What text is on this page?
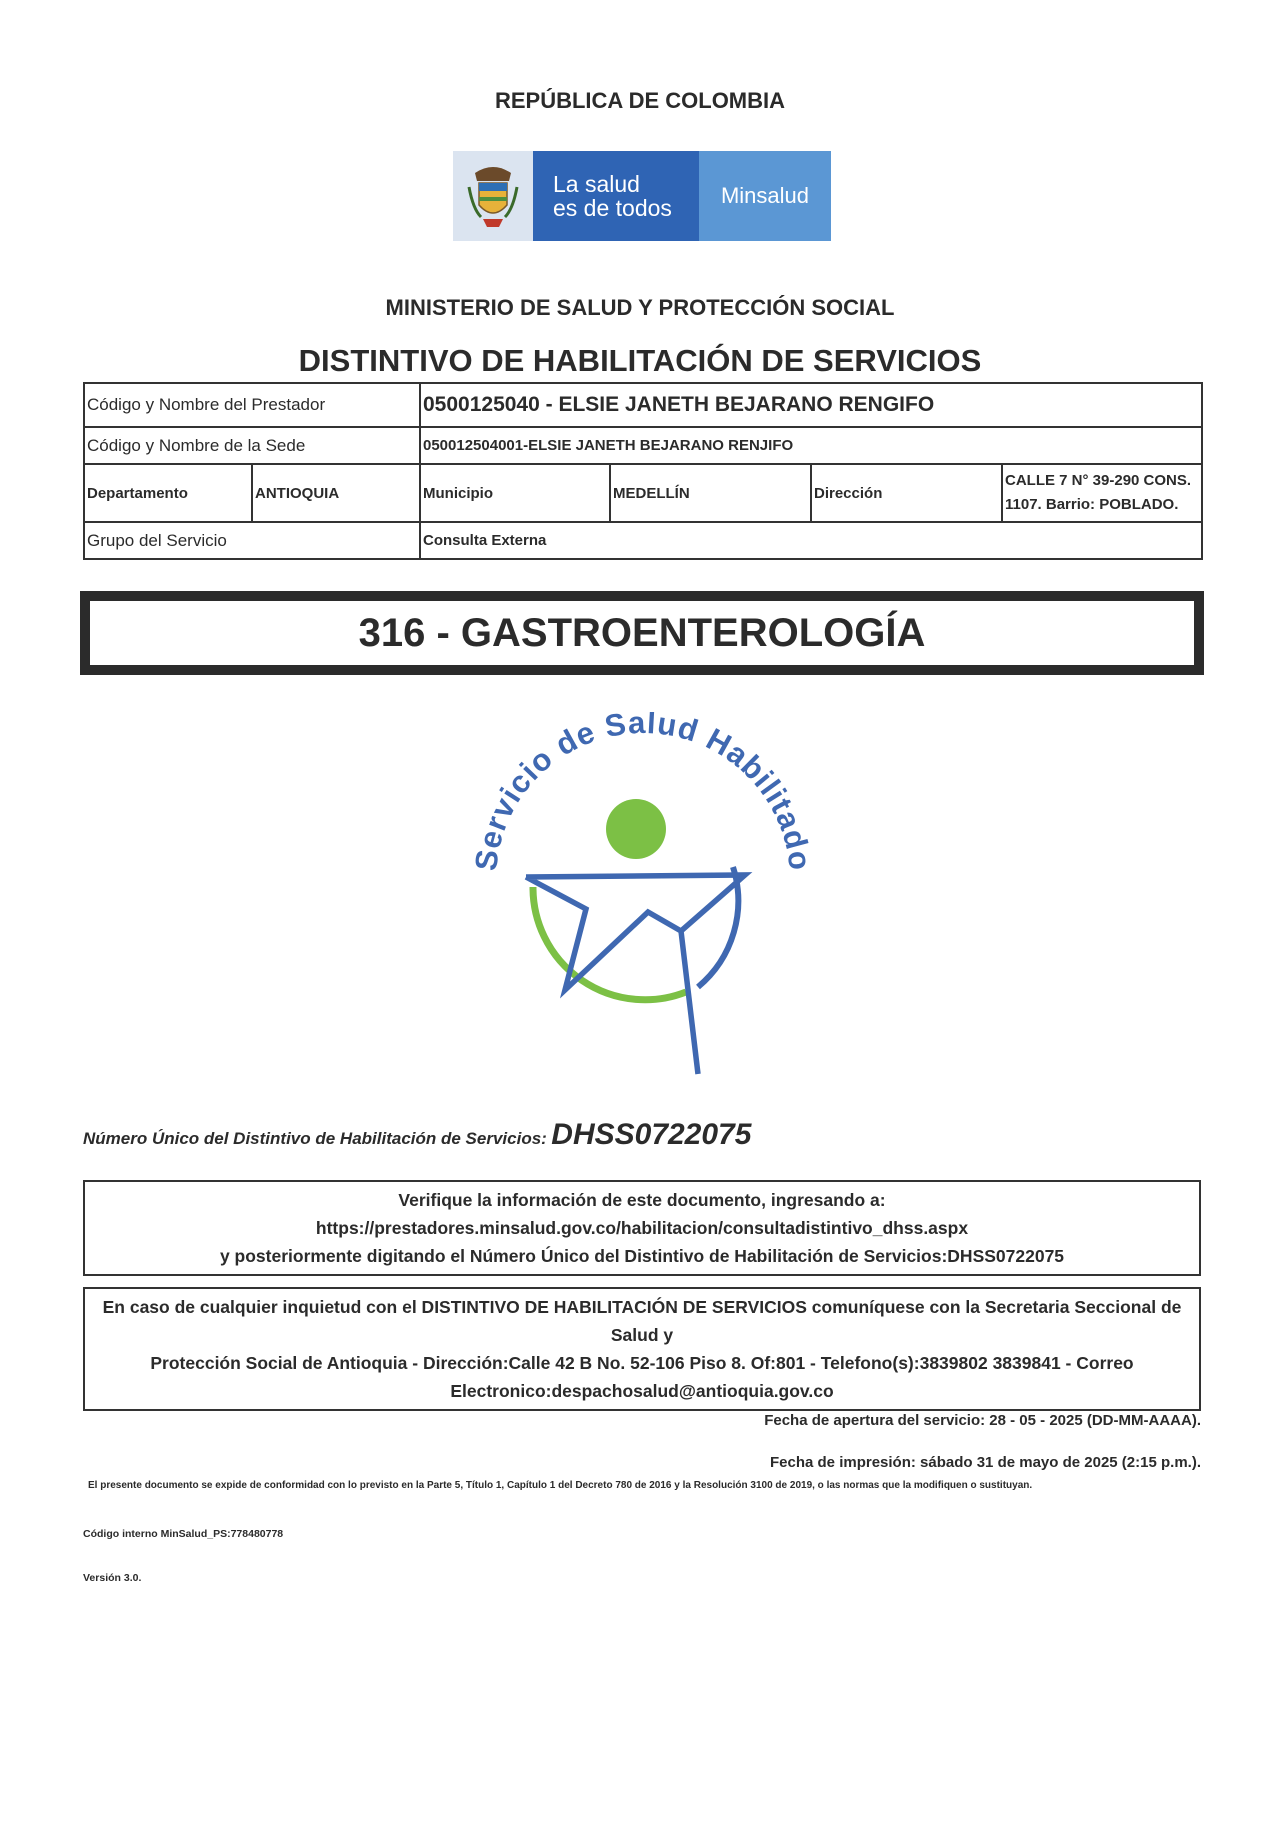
REPÚBLICA DE COLOMBIA
La salud
es de todos	Minsalud
MINISTERIO DE SALUD Y PROTECCIÓN SOCIAL
DISTINTIVO DE HABILITACIÓN DE SERVICIOS
Código y Nombre del Prestador		0500125040 - ELSIE JANETH BEJARANO RENGIFO			
Código y Nombre de la Sede		050012504001-ELSIE JANETH BEJARANO RENJIFO			
Departamento	ANTIOQUIA	Municipio	MEDELLÍN	Dirección	CALLE 7 N° 39-290 CONS. 1107. Barrio: POBLADO.
Grupo del Servicio		Consulta Externa			
316 - GASTROENTEROLOGÍA
Servicio de Salud Habilitado
Número Único del Distintivo de Habilitación de Servicios: DHSS0722075
Verifique la información de este documento, ingresando a: https://prestadores.minsalud.gov.co/habilitacion/consultadistintivo_dhss.aspx
y posteriormente digitando el Número Único del Distintivo de Habilitación de Servicios:DHSS0722075
En caso de cualquier inquietud con el DISTINTIVO DE HABILITACIÓN DE SERVICIOS comuníquese con la Secretaria Seccional de Salud y
Protección Social de Antioquia - Dirección:Calle 42 B No. 52-106 Piso 8. Of:801 - Telefono(s):3839802 3839841 - Correo
Electronico:despachosalud@antioquia.gov.co
Fecha de apertura del servicio: 28 - 05 - 2025 (DD-MM-AAAA).
Fecha de impresión: sábado 31 de mayo de 2025 (2:15 p.m.).
El presente documento se expide de conformidad con lo previsto en la Parte 5, Título 1, Capítulo 1 del Decreto 780 de 2016 y la Resolución 3100 de 2019, o las normas que la modifiquen o sustituyan.
Código interno MinSalud_PS:778480778
Versión 3.0.
